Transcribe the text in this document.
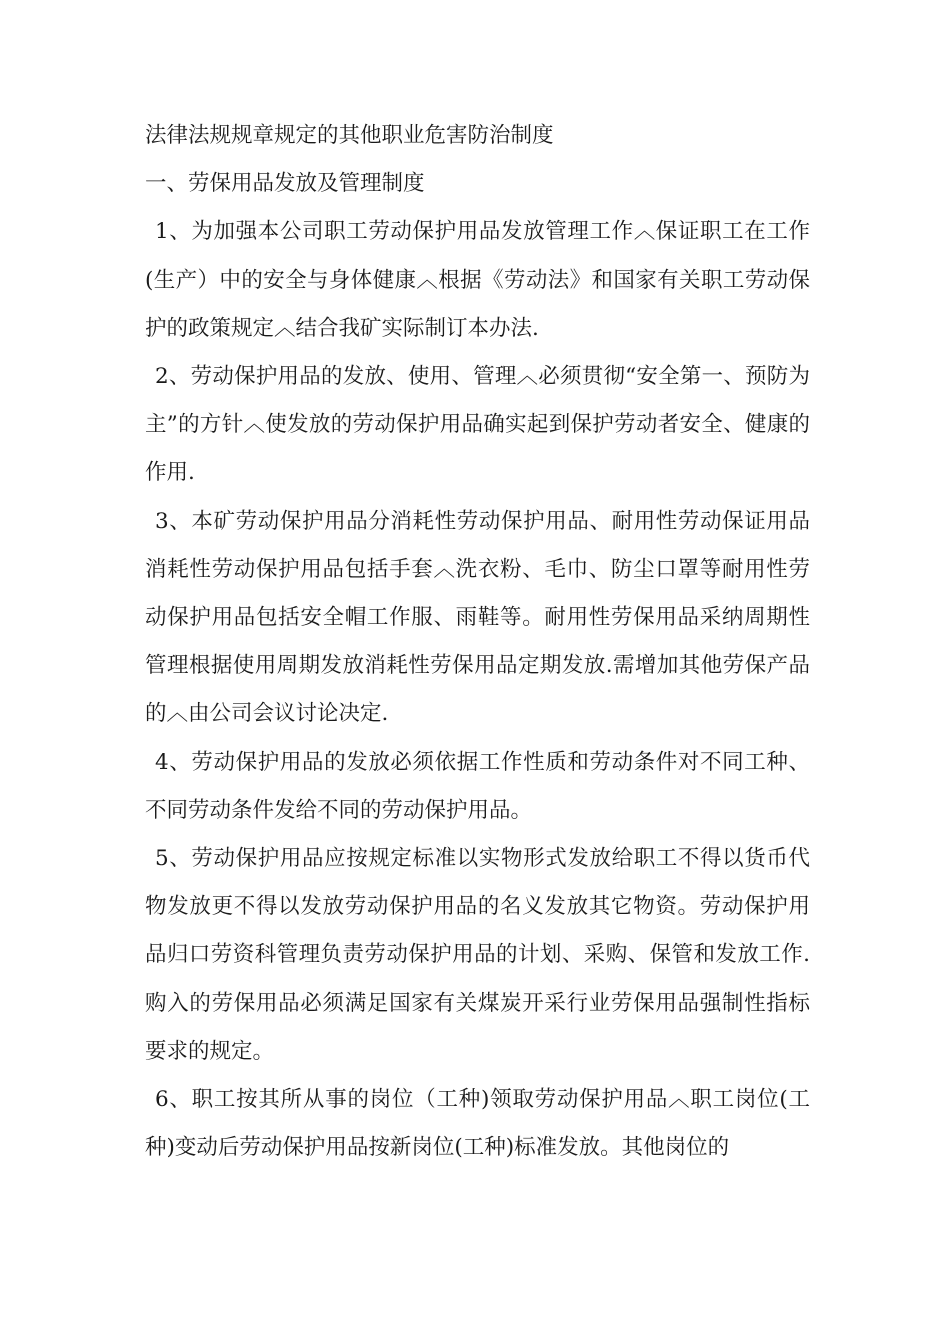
法律法规规章规定的其他职业危害防治制度

一、劳保用品发放及管理制度

1、为加强本公司职工劳动保护用品发放管理工作︿保证职工在工作(生产）中的安全与身体健康︿根据《劳动法》和国家有关职工劳动保护的政策规定︿结合我矿实际制订本办法.

2、劳动保护用品的发放、使用、管理︿必须贯彻“安全第一、预防为主”的方针︿使发放的劳动保护用品确实起到保护劳动者安全、健康的作用.

3、本矿劳动保护用品分消耗性劳动保护用品、耐用性劳动保证用品消耗性劳动保护用品包括手套︿洗衣粉、毛巾、防尘口罩等耐用性劳动保护用品包括安全帽工作服、雨鞋等。耐用性劳保用品采纳周期性管理根据使用周期发放消耗性劳保用品定期发放.需增加其他劳保产品的︿由公司会议讨论决定.

4、劳动保护用品的发放必须依据工作性质和劳动条件对不同工种、不同劳动条件发给不同的劳动保护用品。

5、劳动保护用品应按规定标准以实物形式发放给职工不得以货币代物发放更不得以发放劳动保护用品的名义发放其它物资。劳动保护用品归口劳资科管理负责劳动保护用品的计划、采购、保管和发放工作.购入的劳保用品必须满足国家有关煤炭开采行业劳保用品强制性指标要求的规定。

6、职工按其所从事的岗位（工种)领取劳动保护用品︿职工岗位(工种)变动后劳动保护用品按新岗位(工种)标准发放。其他岗位的
